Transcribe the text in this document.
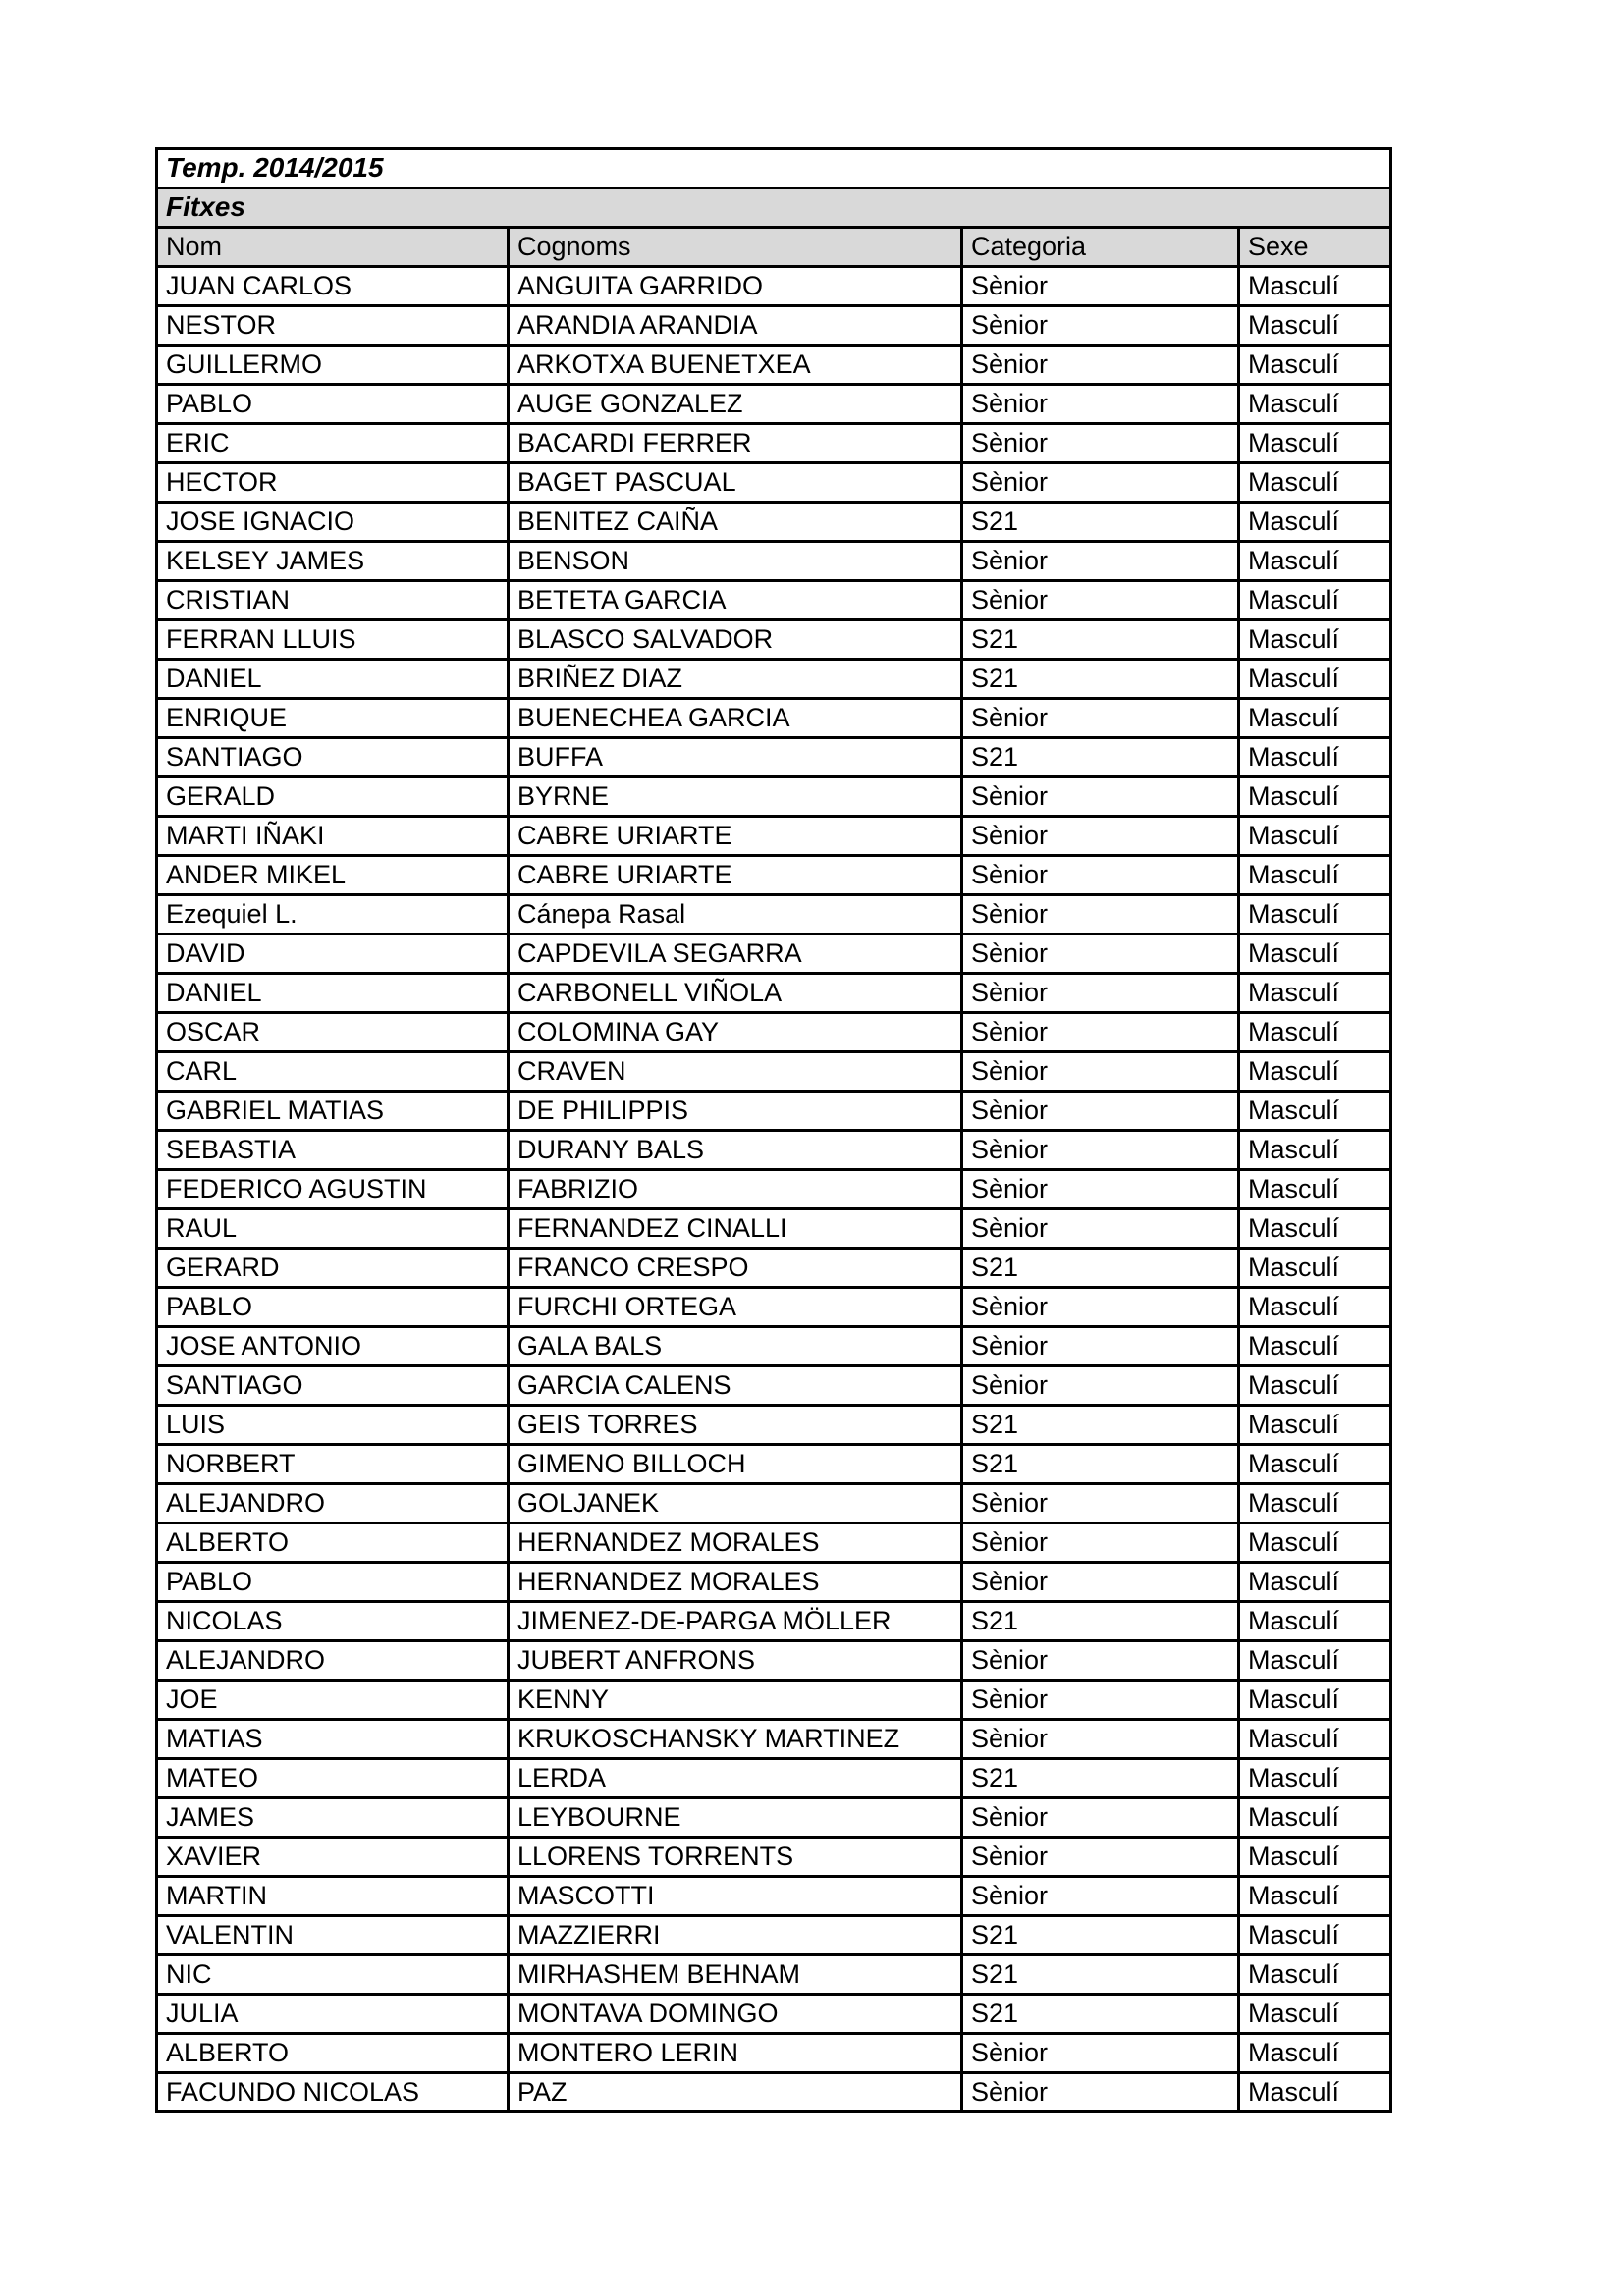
Temp. 2014/2015			
Fitxes			
Nom	Cognoms	Categoria	Sexe
JUAN CARLOS	ANGUITA GARRIDO	Sènior	Masculí
NESTOR	ARANDIA ARANDIA	Sènior	Masculí
GUILLERMO	ARKOTXA BUENETXEA	Sènior	Masculí
PABLO	AUGE GONZALEZ	Sènior	Masculí
ERIC	BACARDI FERRER	Sènior	Masculí
HECTOR	BAGET PASCUAL	Sènior	Masculí
JOSE IGNACIO	BENITEZ CAIÑA	S21	Masculí
KELSEY JAMES	BENSON	Sènior	Masculí
CRISTIAN	BETETA GARCIA	Sènior	Masculí
FERRAN LLUIS	BLASCO SALVADOR	S21	Masculí
DANIEL	BRIÑEZ DIAZ	S21	Masculí
ENRIQUE	BUENECHEA GARCIA	Sènior	Masculí
SANTIAGO	BUFFA	S21	Masculí
GERALD	BYRNE	Sènior	Masculí
MARTI IÑAKI	CABRE URIARTE	Sènior	Masculí
ANDER MIKEL	CABRE URIARTE	Sènior	Masculí
Ezequiel L.	Cánepa Rasal	Sènior	Masculí
DAVID	CAPDEVILA SEGARRA	Sènior	Masculí
DANIEL	CARBONELL VIÑOLA	Sènior	Masculí
OSCAR	COLOMINA GAY	Sènior	Masculí
CARL	CRAVEN	Sènior	Masculí
GABRIEL MATIAS	DE PHILIPPIS	Sènior	Masculí
SEBASTIA	DURANY BALS	Sènior	Masculí
FEDERICO AGUSTIN	FABRIZIO	Sènior	Masculí
RAUL	FERNANDEZ CINALLI	Sènior	Masculí
GERARD	FRANCO CRESPO	S21	Masculí
PABLO	FURCHI ORTEGA	Sènior	Masculí
JOSE ANTONIO	GALA BALS	Sènior	Masculí
SANTIAGO	GARCIA CALENS	Sènior	Masculí
LUIS	GEIS TORRES	S21	Masculí
NORBERT	GIMENO BILLOCH	S21	Masculí
ALEJANDRO	GOLJANEK	Sènior	Masculí
ALBERTO	HERNANDEZ MORALES	Sènior	Masculí
PABLO	HERNANDEZ MORALES	Sènior	Masculí
NICOLAS	JIMENEZ-DE-PARGA MÖLLER	S21	Masculí
ALEJANDRO	JUBERT ANFRONS	Sènior	Masculí
JOE	KENNY	Sènior	Masculí
MATIAS	KRUKOSCHANSKY MARTINEZ	Sènior	Masculí
MATEO	LERDA	S21	Masculí
JAMES	LEYBOURNE	Sènior	Masculí
XAVIER	LLORENS TORRENTS	Sènior	Masculí
MARTIN	MASCOTTI	Sènior	Masculí
VALENTIN	MAZZIERRI	S21	Masculí
NIC	MIRHASHEM BEHNAM	S21	Masculí
JULIA	MONTAVA DOMINGO	S21	Masculí
ALBERTO	MONTERO LERIN	Sènior	Masculí
FACUNDO NICOLAS	PAZ	Sènior	Masculí
